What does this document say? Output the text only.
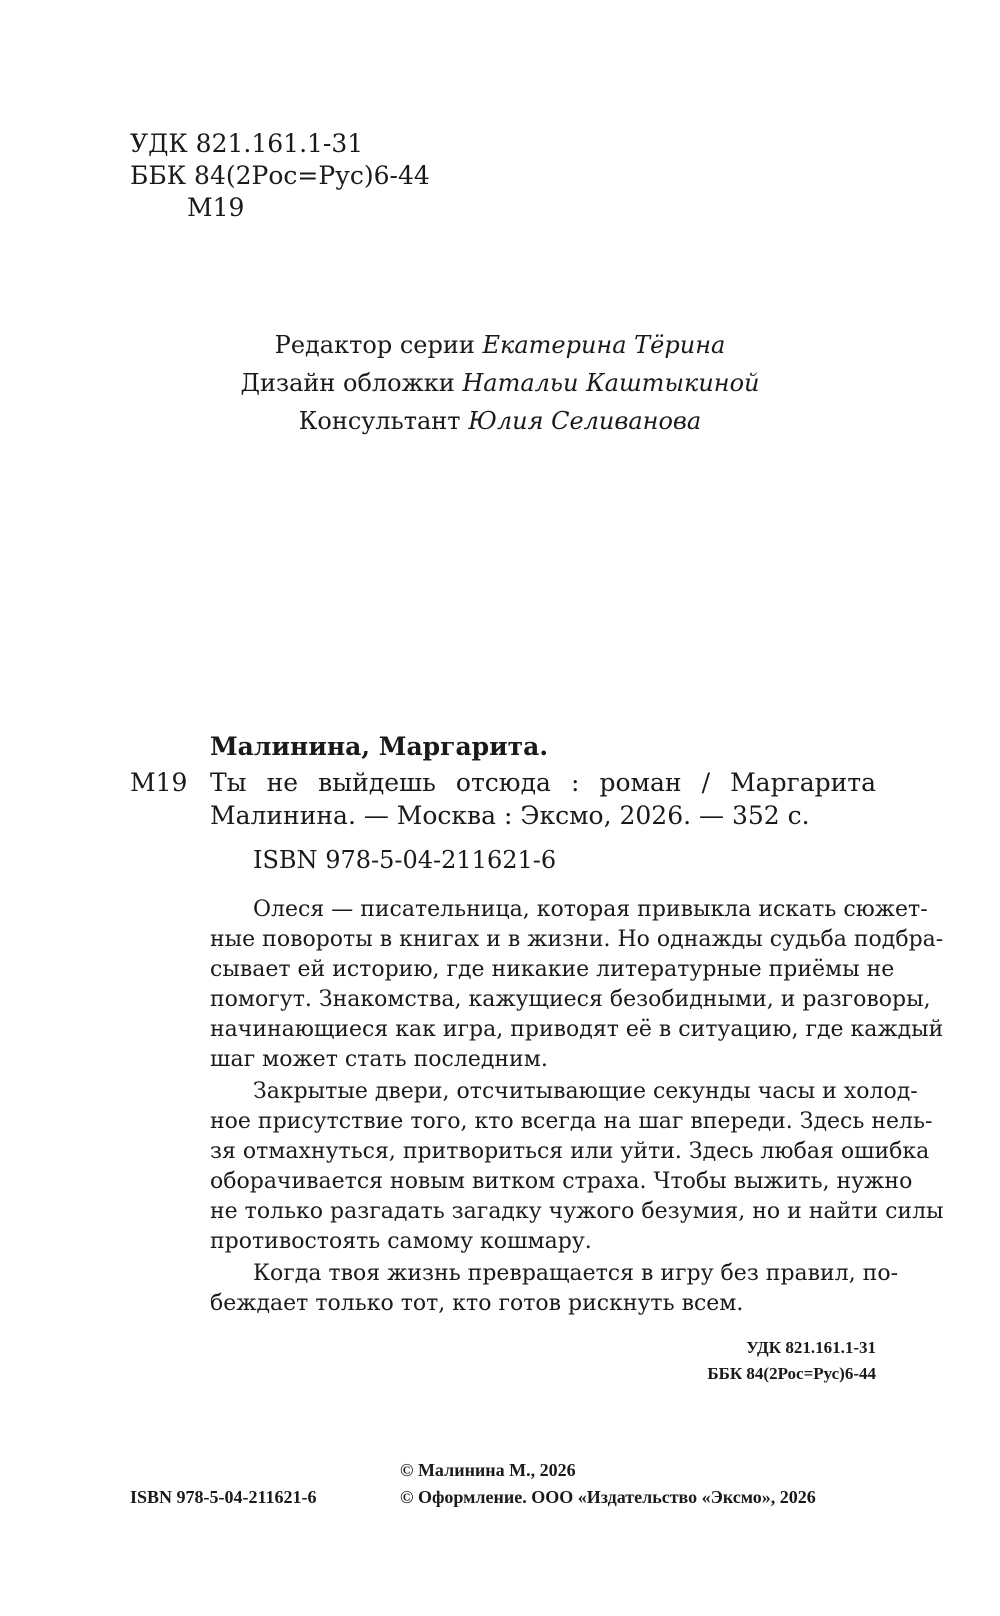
УДК 821.161.1-31
ББК 84(2Рос=Рус)6-44
М19
Редактор серии Екатерина Тёрина
Дизайн обложки Натальи Каштыкиной
Консультант Юлия Селиванова
Малинина, Маргарита.
М19 Ты не выйдешь отсюда : роман / Маргарита
Малинина. — Москва : Эксмо, 2026. — 352 с.
ISBN 978-5-04-211621-6
Олеся — писательница, которая привыкла искать сюжет-
ные повороты в книгах и в жизни. Но однажды судьба подбра-
сывает ей историю, где никакие литературные приёмы не
помогут. Знакомства, кажущиеся безобидными, и разговоры,
начинающиеся как игра, приводят её в ситуацию, где каждый
шаг может стать последним.
Закрытые двери, отсчитывающие секунды часы и холод-
ное присутствие того, кто всегда на шаг впереди. Здесь нель-
зя отмахнуться, притвориться или уйти. Здесь любая ошибка
оборачивается новым витком страха. Чтобы выжить, нужно
не только разгадать загадку чужого безумия, но и найти силы
противостоять самому кошмару.
Когда твоя жизнь превращается в игру без правил, по-
беждает только тот, кто готов рискнуть всем.
УДК 821.161.1-31
ББК 84(2Рос=Рус)6-44
ISBN 978-5-04-211621-6
© Малинина М., 2026
© Оформление. ООО «Издательство «Эксмо», 2026
